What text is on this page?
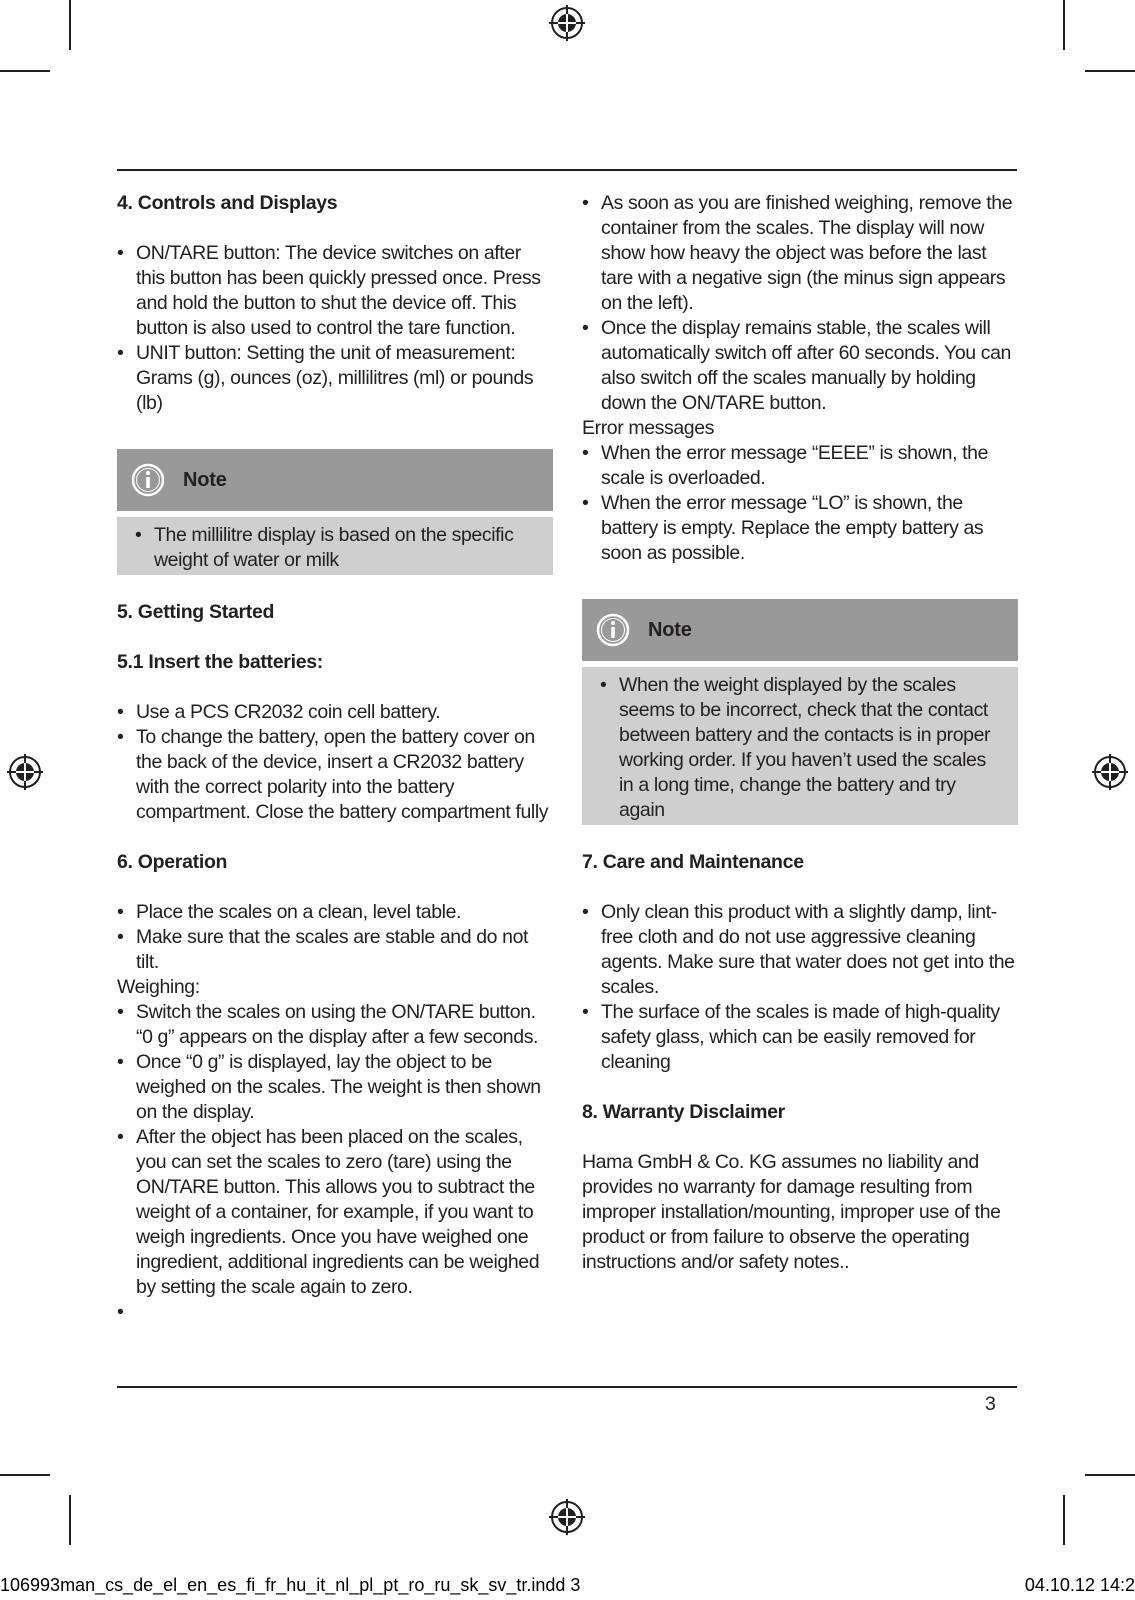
4. Controls and Displays
• ON/TARE button: The device switches on after this button has been quickly pressed once. Press and hold the button to shut the device off. This button is also used to control the tare function.
• UNIT button: Setting the unit of measurement: Grams (g), ounces (oz), millilitres (ml) or pounds (lb)
Note
• The millilitre display is based on the specific weight of water or milk
5. Getting Started
5.1 Insert the batteries:
• Use a PCS CR2032 coin cell battery.
• To change the battery, open the battery cover on the back of the device, insert a CR2032 battery with the correct polarity into the battery compartment. Close the battery compartment fully
6. Operation
• Place the scales on a clean, level table.
• Make sure that the scales are stable and do not tilt.

Weighing:

• Switch the scales on using the ON/TARE button. “0 g” appears on the display after a few seconds.
• Once “0 g” is displayed, lay the object to be weighed on the scales. The weight is then shown on the display.
• After the object has been placed on the scales, you can set the scales to zero (tare) using the ON/TARE button. This allows you to subtract the weight of a container, for example, if you want to weigh ingredients. Once you have weighed one ingredient, additional ingredients can be weighed by setting the scale again to zero.
•
• As soon as you are finished weighing, remove the container from the scales. The display will now show how heavy the object was before the last tare with a negative sign (the minus sign appears on the left).
• Once the display remains stable, the scales will automatically switch off after 60 seconds. You can also switch off the scales manually by holding down the ON/TARE button.

Error messages

• When the error message “EEEE” is shown, the scale is overloaded.
• When the error message “LO” is shown, the battery is empty. Replace the empty battery as soon as possible.
Note
• When the weight displayed by the scales seems to be incorrect, check that the contact between battery and the contacts is in proper working order. If you haven’t used the scales in a long time, change the battery and try again
7. Care and Maintenance
• Only clean this product with a slightly damp, lint-free cloth and do not use aggressive cleaning agents. Make sure that water does not get into the scales.
• The surface of the scales is made of high-quality safety glass, which can be easily removed for cleaning
8. Warranty Disclaimer

Hama GmbH & Co. KG assumes no liability and provides no warranty for damage resulting from improper installation/mounting, improper use of the product or from failure to observe the operating instructions and/or safety notes..

3
106993man_cs_de_el_en_es_fi_fr_hu_it_nl_pl_pt_ro_ru_sk_sv_tr.indd 3	04.10.12 14:2
